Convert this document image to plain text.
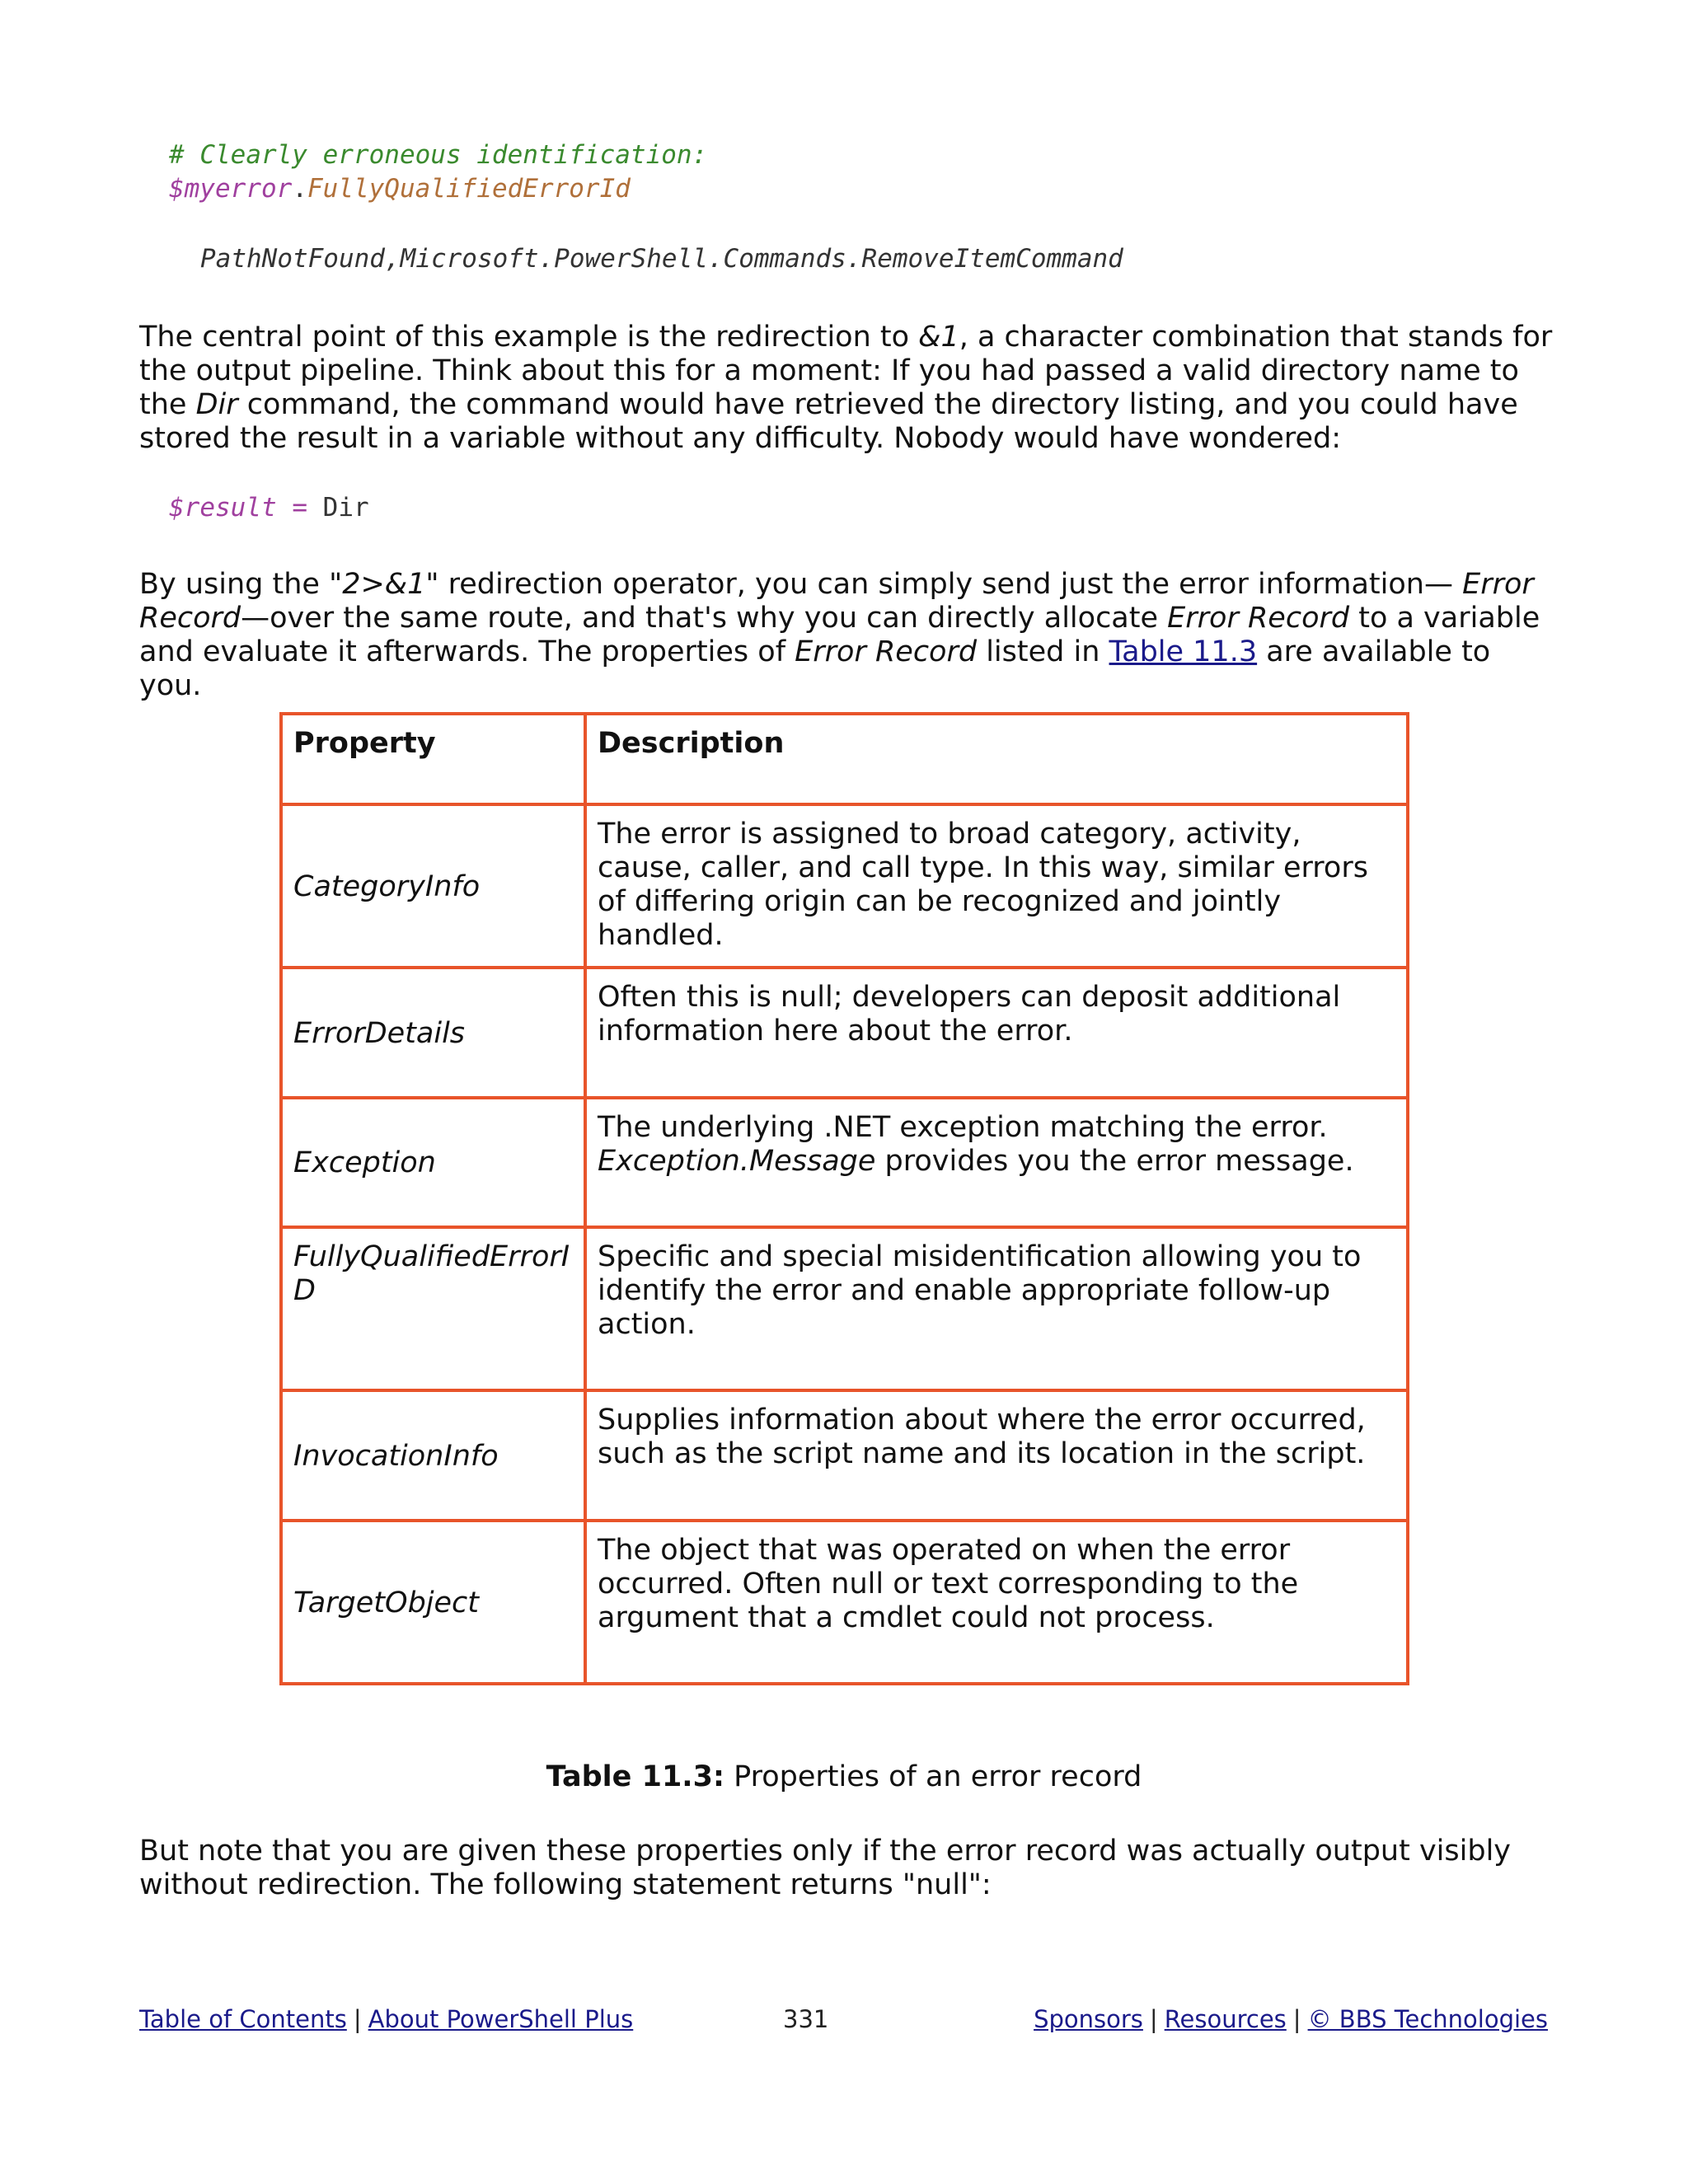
# Clearly erroneous identification:
$myerror.FullyQualifiedErrorId
PathNotFound,Microsoft.PowerShell.Commands.RemoveItemCommand

The central point of this example is the redirection to &1, a character combination that stands for the output pipeline. Think about this for a moment: If you had passed a valid directory name to the Dir command, the command would have retrieved the directory listing, and you could have stored the result in a variable without any difficulty. Nobody would have wondered:

$result = Dir

By using the "2>&1" redirection operator, you can simply send just the error information— Error Record—over the same route, and that's why you can directly allocate Error Record to a variable and evaluate it afterwards. The properties of Error Record listed in Table 11.3 are available to you.

Property	Description
CategoryInfo	The error is assigned to broad category, activity, cause, caller, and call type. In this way, similar errors of differing origin can be recognized and jointly handled.
ErrorDetails	Often this is null; developers can deposit additional information here about the error.
Exception	The underlying .NET exception matching the error.
Exception.Message provides you the error message.
FullyQualifiedErrorID	Specific and special misidentification allowing you to identify the error and enable appropriate follow-up action.
InvocationInfo	Supplies information about where the error occurred, such as the script name and its location in the script.
TargetObject	The object that was operated on when the error occurred. Often null or text corresponding to the argument that a cmdlet could not process.
Table 11.3: Properties of an error record

But note that you are given these properties only if the error record was actually output visibly without redirection. The following statement returns "null":

Table of Contents | About PowerShell Plus	331	Sponsors | Resources | © BBS Technologies
